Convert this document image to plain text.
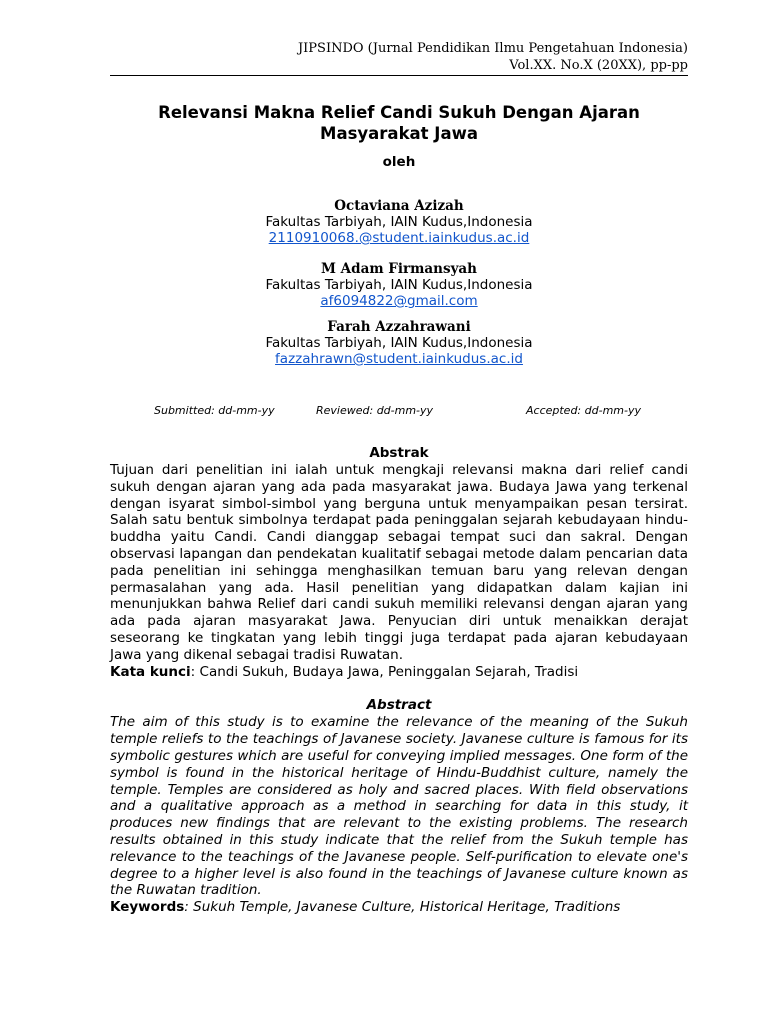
JIPSINDO (Jurnal Pendidikan Ilmu Pengetahuan Indonesia)
Vol.XX. No.X (20XX), pp-pp
Relevansi Makna Relief Candi Sukuh Dengan Ajaran
Masyarakat Jawa
oleh
Octaviana Azizah
Fakultas Tarbiyah, IAIN Kudus,Indonesia
2110910068.@student.iainkudus.ac.id
M Adam Firmansyah
Fakultas Tarbiyah, IAIN Kudus,Indonesia
af6094822@gmail.com
Farah Azzahrawani
Fakultas Tarbiyah, IAIN Kudus,Indonesia
fazzahrawn@student.iainkudus.ac.id
Submitted: dd-mm-yy	Reviewed: dd-mm-yy	Accepted: dd-mm-yy
Abstrak
Tujuan dari penelitian ini ialah untuk mengkaji relevansi makna dari relief candi sukuh dengan ajaran yang ada pada masyarakat jawa. Budaya Jawa yang terkenal dengan isyarat simbol-simbol yang berguna untuk menyampaikan pesan tersirat. Salah satu bentuk simbolnya terdapat pada peninggalan sejarah kebudayaan hindu-buddha yaitu Candi. Candi dianggap sebagai tempat suci dan sakral. Dengan observasi lapangan dan pendekatan kualitatif sebagai metode dalam pencarian data pada penelitian ini sehingga menghasilkan temuan baru yang relevan dengan permasalahan yang ada. Hasil penelitian yang didapatkan dalam kajian ini menunjukkan bahwa Relief dari candi sukuh memiliki relevansi dengan ajaran yang ada pada ajaran masyarakat Jawa. Penyucian diri untuk menaikkan derajat seseorang ke tingkatan yang lebih tinggi juga terdapat pada ajaran kebudayaan Jawa yang dikenal sebagai tradisi Ruwatan.
Kata kunci: Candi Sukuh, Budaya Jawa, Peninggalan Sejarah, Tradisi
Abstract
The aim of this study is to examine the relevance of the meaning of the Sukuh temple reliefs to the teachings of Javanese society. Javanese culture is famous for its symbolic gestures which are useful for conveying implied messages. One form of the symbol is found in the historical heritage of Hindu-Buddhist culture, namely the temple. Temples are considered as holy and sacred places. With field observations and a qualitative approach as a method in searching for data in this study, it produces new findings that are relevant to the existing problems. The research results obtained in this study indicate that the relief from the Sukuh temple has relevance to the teachings of the Javanese people. Self-purification to elevate one's degree to a higher level is also found in the teachings of Javanese culture known as the Ruwatan tradition.
Keywords: Sukuh Temple, Javanese Culture, Historical Heritage, Traditions
